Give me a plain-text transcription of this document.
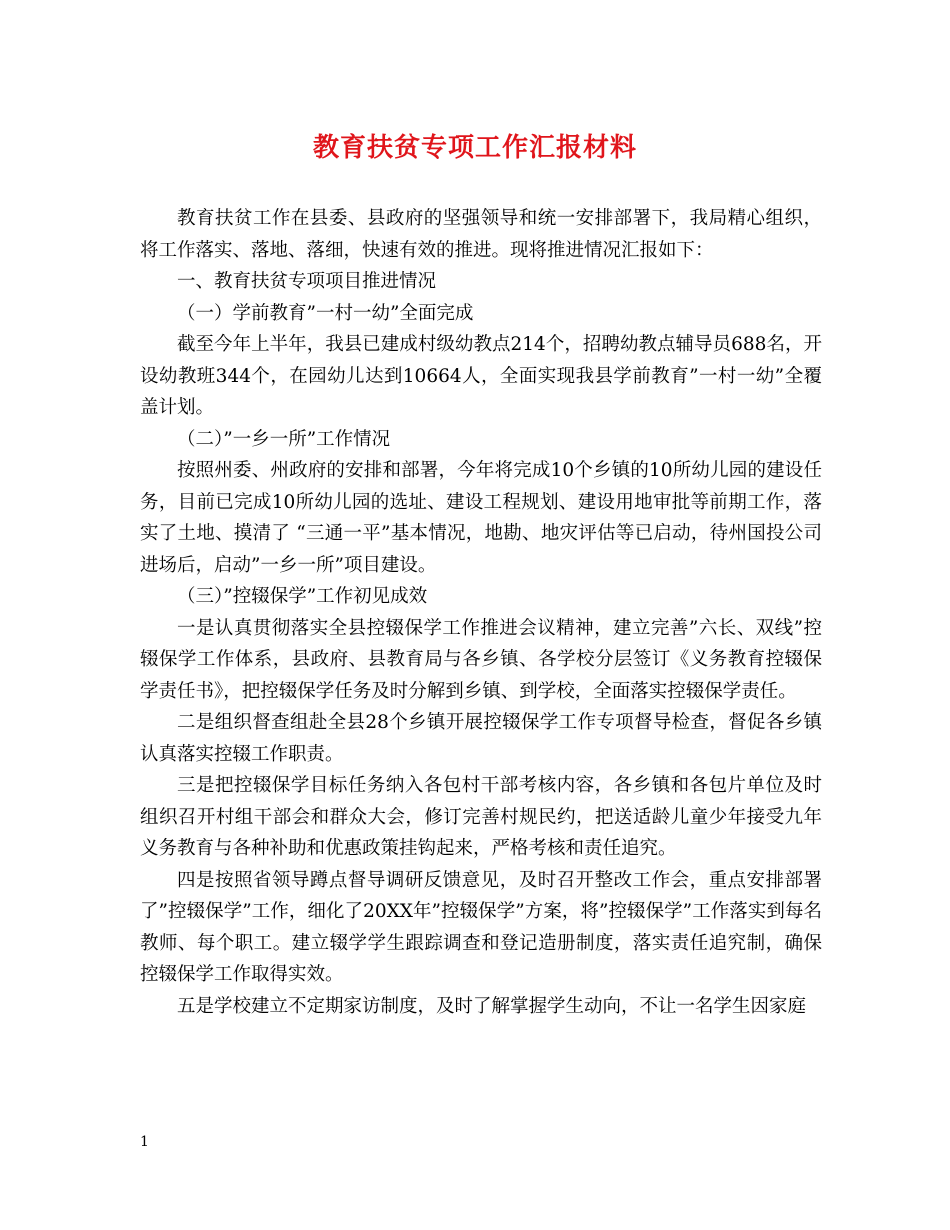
教育扶贫专项工作汇报材料

教育扶贫工作在县委、县政府的坚强领导和统一安排部署下，我局精心组织，将工作落实、落地、落细，快速有效的推进。现将推进情况汇报如下：

一、教育扶贫专项项目推进情况

（一）学前教育”一村一幼”全面完成

截至今年上半年，我县已建成村级幼教点214个，招聘幼教点辅导员688名，开设幼教班344个，在园幼儿达到10664人，全面实现我县学前教育”一村一幼”全覆盖计划。

（二）”一乡一所”工作情况

按照州委、州政府的安排和部署，今年将完成10个乡镇的10所幼儿园的建设任务，目前已完成10所幼儿园的选址、建设工程规划、建设用地审批等前期工作，落实了土地、摸清了 “三通一平”基本情况，地勘、地灾评估等已启动，待州国投公司进场后，启动”一乡一所”项目建设。

（三）”控辍保学”工作初见成效

一是认真贯彻落实全县控辍保学工作推进会议精神，建立完善”六长、双线”控辍保学工作体系，县政府、县教育局与各乡镇、各学校分层签订《义务教育控辍保学责任书》，把控辍保学任务及时分解到乡镇、到学校，全面落实控辍保学责任。

二是组织督查组赴全县28个乡镇开展控辍保学工作专项督导检查，督促各乡镇认真落实控辍工作职责。

三是把控辍保学目标任务纳入各包村干部考核内容，各乡镇和各包片单位及时组织召开村组干部会和群众大会，修订完善村规民约，把送适龄儿童少年接受九年义务教育与各种补助和优惠政策挂钩起来，严格考核和责任追究。

四是按照省领导蹲点督导调研反馈意见，及时召开整改工作会，重点安排部署了”控辍保学”工作，细化了20XX年”控辍保学”方案，将”控辍保学”工作落实到每名教师、每个职工。建立辍学学生跟踪调查和登记造册制度，落实责任追究制，确保控辍保学工作取得实效。

五是学校建立不定期家访制度，及时了解掌握学生动向，不让一名学生因家庭

1
